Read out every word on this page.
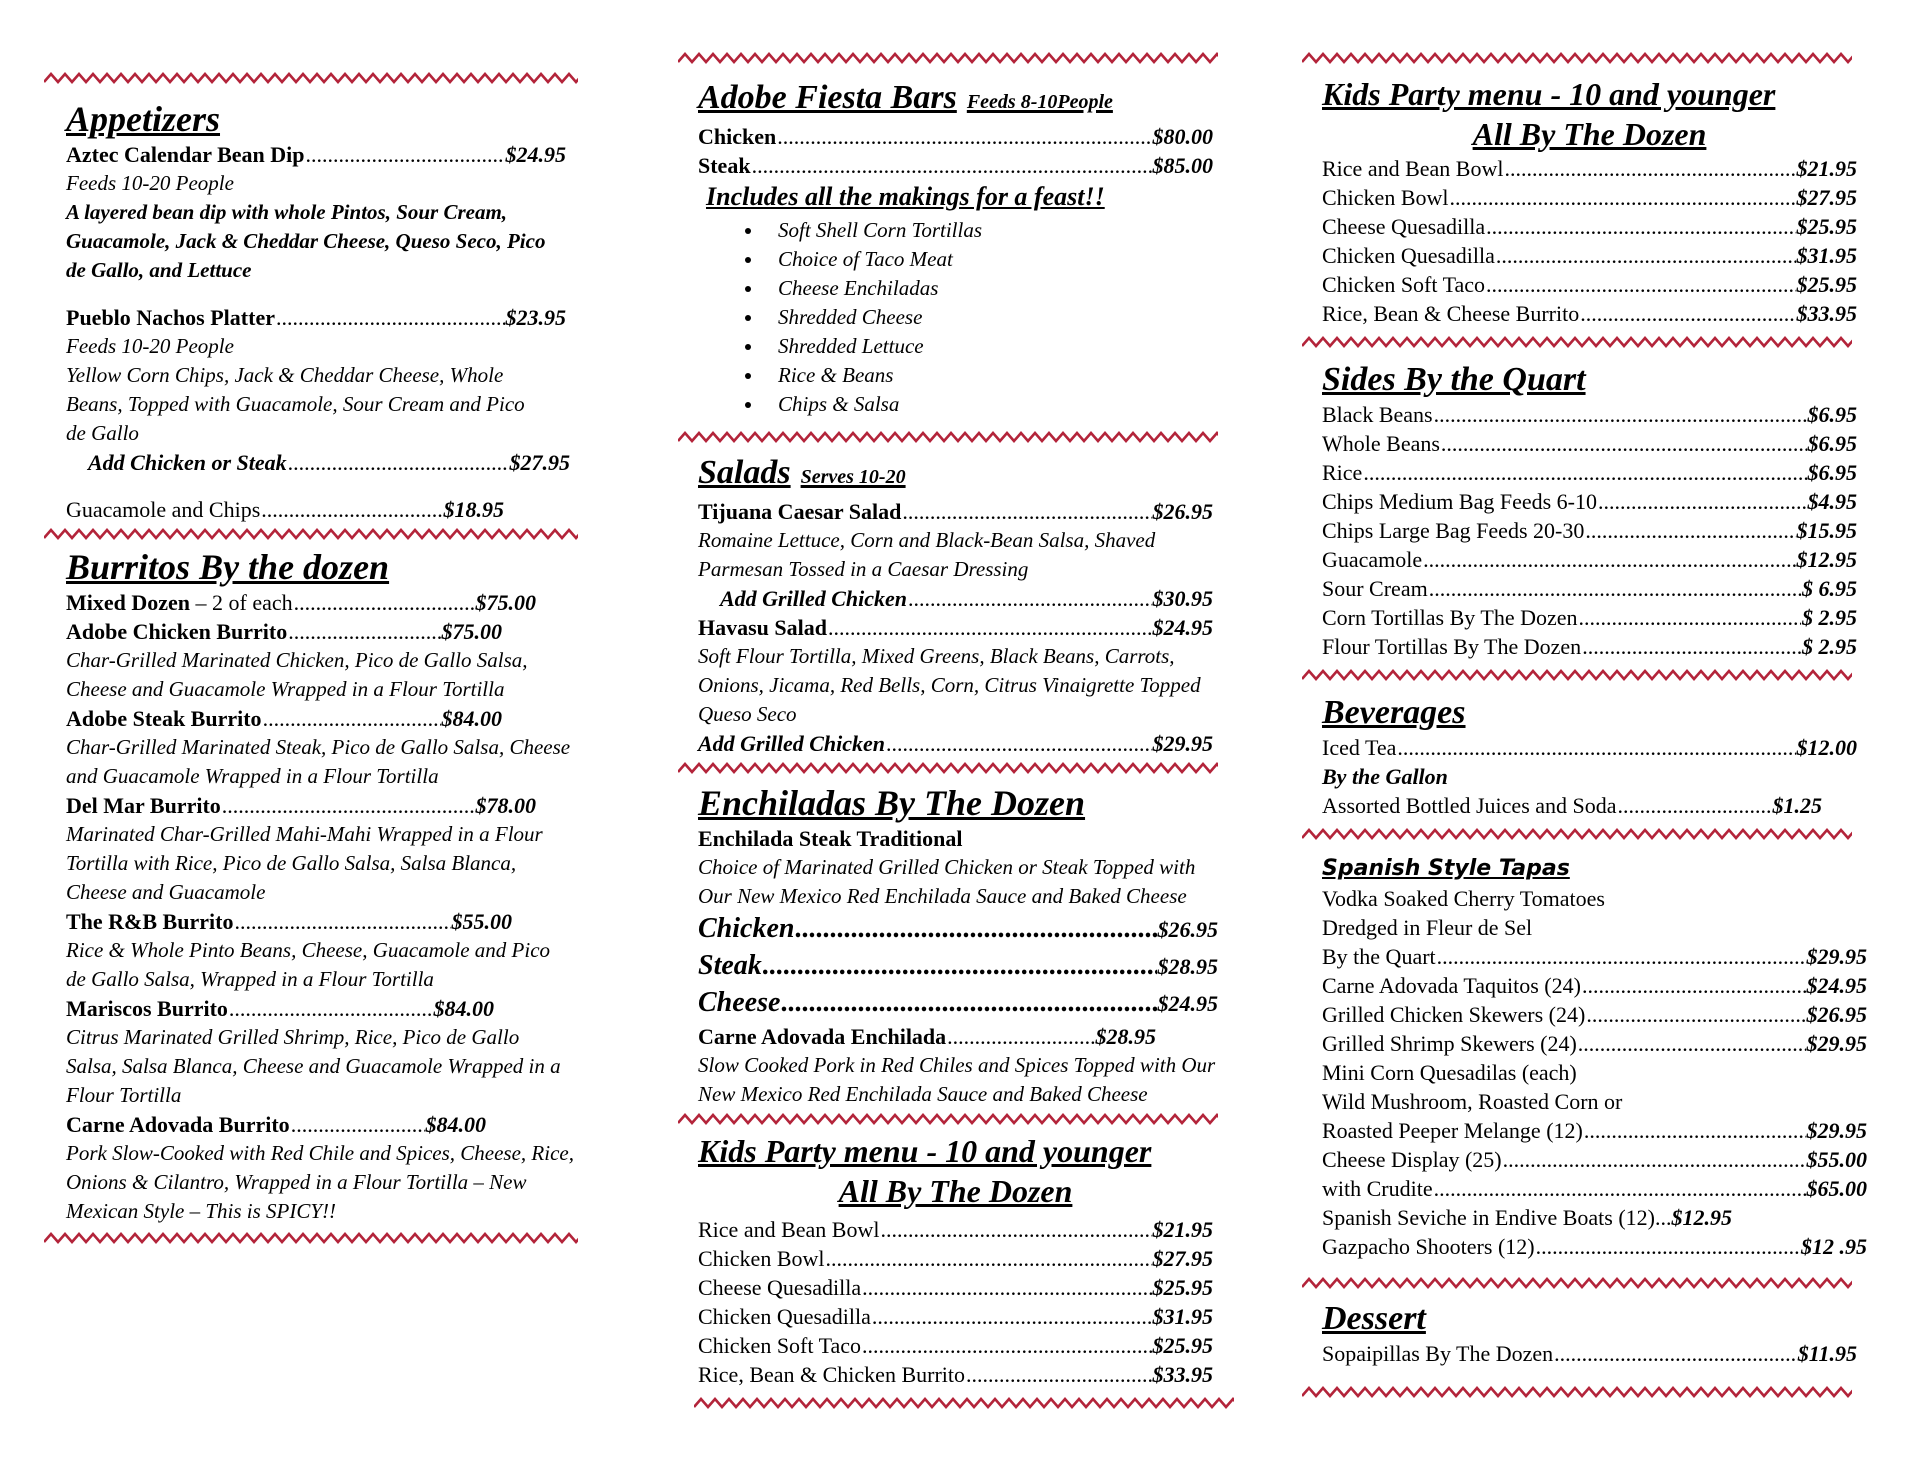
Appetizers
Aztec Calendar Bean Dip .....	$24.95
Feeds 10-20 People
A layered bean dip with whole Pintos, Sour Cream, Guacamole, Jack & Cheddar Cheese, Queso Seco, Pico de Gallo, and Lettuce
Pueblo Nachos Platter .....	$23.95
Feeds 10-20 People
Yellow Corn Chips, Jack & Cheddar Cheese, Whole Beans, Topped with Guacamole, Sour Cream and Pico de Gallo
Add Chicken or Steak .....	$27.95
Guacamole and Chips .....	$18.95
Burritos By the dozen
Mixed Dozen – 2 of each .....	$75.00
Adobe Chicken Burrito .....	$75.00
Char-Grilled Marinated Chicken, Pico de Gallo Salsa, Cheese and Guacamole Wrapped in a Flour Tortilla
Adobe Steak Burrito .....	$84.00
Char-Grilled Marinated Steak, Pico de Gallo Salsa, Cheese and Guacamole Wrapped in a Flour Tortilla
Del Mar Burrito .....	$78.00
Marinated Char-Grilled Mahi-Mahi Wrapped in a Flour Tortilla with Rice, Pico de Gallo Salsa, Salsa Blanca, Cheese and Guacamole
The R&B Burrito .....	$55.00
Rice & Whole Pinto Beans, Cheese, Guacamole and Pico de Gallo Salsa, Wrapped in a Flour Tortilla
Mariscos Burrito .....	$84.00
Citrus Marinated Grilled Shrimp, Rice, Pico de Gallo Salsa, Salsa Blanca, Cheese and Guacamole Wrapped in a Flour Tortilla
Carne Adovada Burrito .....	$84.00
Pork Slow-Cooked with Red Chile and Spices, Cheese, Rice, Onions & Cilantro, Wrapped in a Flour Tortilla – New Mexican Style – This is SPICY!!
Adobe Fiesta Bars Feeds 8-10People
Chicken .....	$80.00
Steak .....	$85.00
Includes all the makings for a feast!!
• Soft Shell Corn Tortillas
• Choice of Taco Meat
• Cheese Enchiladas
• Shredded Cheese
• Shredded Lettuce
• Rice & Beans
• Chips & Salsa
Salads Serves 10-20
Tijuana Caesar Salad .....	$26.95
Romaine Lettuce, Corn and Black-Bean Salsa, Shaved Parmesan Tossed in a Caesar Dressing
Add Grilled Chicken .....	$30.95
Havasu Salad .....	$24.95
Soft Flour Tortilla, Mixed Greens, Black Beans, Carrots, Onions, Jicama, Red Bells, Corn, Citrus Vinaigrette Topped Queso Seco
Add Grilled Chicken .....	$29.95
Enchiladas By The Dozen
Enchilada Steak Traditional
Choice of Marinated Grilled Chicken or Steak Topped with Our New Mexico Red Enchilada Sauce and Baked Cheese
Chicken .....	$26.95
Steak .....	$28.95
Cheese .....	$24.95
Carne Adovada Enchilada .....	$28.95
Slow Cooked Pork in Red Chiles and Spices Topped with Our New Mexico Red Enchilada Sauce and Baked Cheese
Kids Party menu - 10 and younger
All By The Dozen
Rice and Bean Bowl .....	$21.95
Chicken Bowl .....	$27.95
Cheese Quesadilla .....	$25.95
Chicken Quesadilla .....	$31.95
Chicken Soft Taco .....	$25.95
Rice, Bean & Chicken Burrito .....	$33.95
Kids Party menu - 10 and younger
All By The Dozen
Rice and Bean Bowl .....	$21.95
Chicken Bowl .....	$27.95
Cheese Quesadilla .....	$25.95
Chicken Quesadilla .....	$31.95
Chicken Soft Taco .....	$25.95
Rice, Bean & Cheese Burrito .....	$33.95
Sides By the Quart
Black Beans .....	$6.95
Whole Beans .....	$6.95
Rice .....	$6.95
Chips Medium Bag Feeds 6-10 .....	$4.95
Chips Large Bag Feeds 20-30 .....	$15.95
Guacamole .....	$12.95
Sour Cream .....	$ 6.95
Corn Tortillas By The Dozen .....	$ 2.95
Flour Tortillas By The Dozen .....	$ 2.95
Beverages
Iced Tea .....	$12.00
By the Gallon
Assorted Bottled Juices and Soda .....	$1.25
Spanish Style Tapas
Vodka Soaked Cherry Tomatoes
Dredged in Fleur de Sel
By the Quart .....	$29.95
Carne Adovada Taquitos (24) .....	$24.95
Grilled Chicken Skewers (24) .....	$26.95
Grilled Shrimp Skewers (24) .....	$29.95
Mini Corn Quesadilas (each)
Wild Mushroom, Roasted Corn or
Roasted Peeper Melange (12) .....	$29.95
Cheese Display (25) .....	$55.00
with Crudite .....	$65.00
Spanish Seviche in Endive Boats (12)...$12.95
Gazpacho Shooters (12) .....	$12 .95
Dessert
Sopaipillas By The Dozen .....	$11.95
